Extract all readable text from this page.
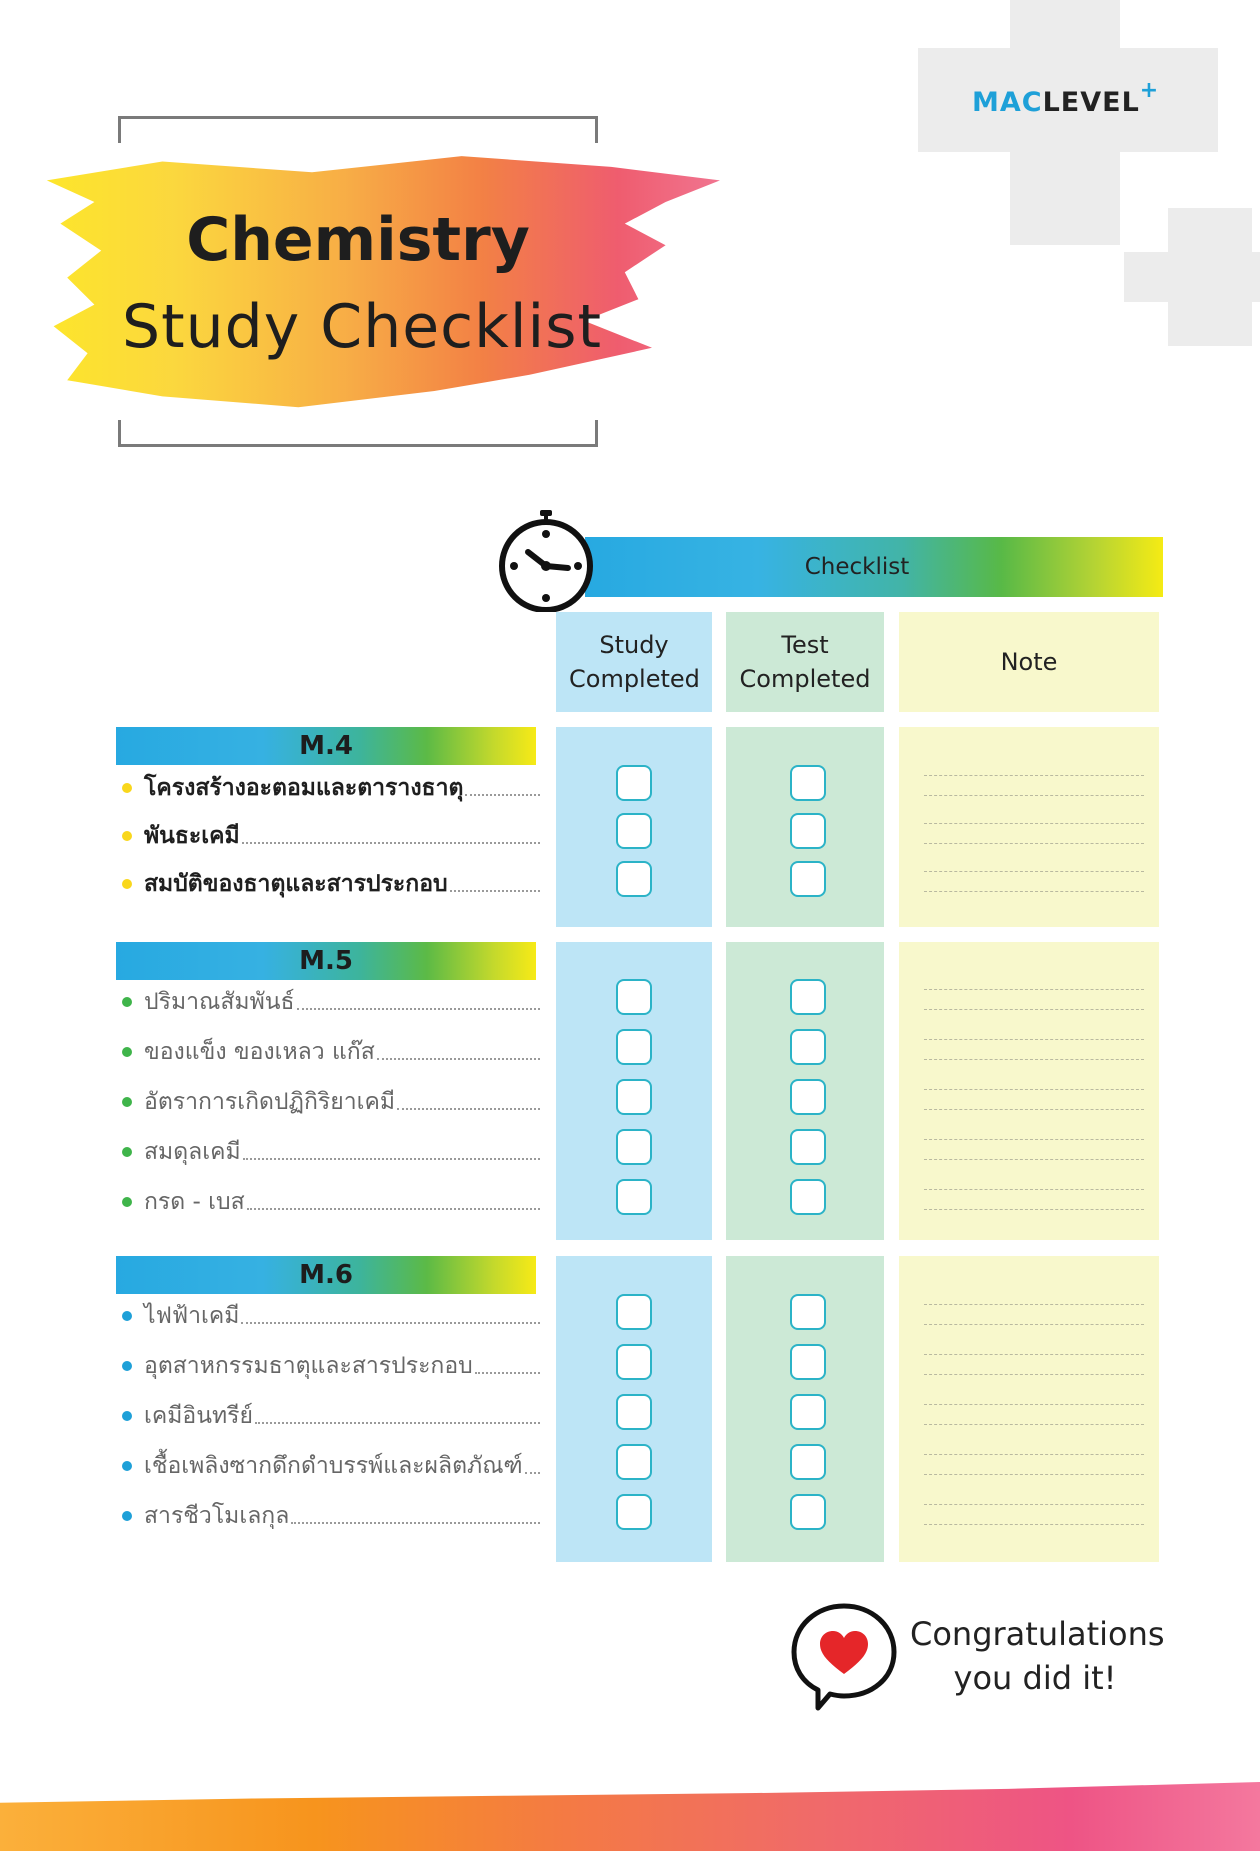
MACLEVEL+
Chemistry
Study Checklist
Checklist
Study Completed
Test Completed
Note
M.4
โครงสร้างอะตอมและตารางธาตุ
พันธะเคมี
สมบัติของธาตุและสารประกอบ
M.5
ปริมาณสัมพันธ์
ของแข็ง ของเหลว แก๊ส
อัตราการเกิดปฏิกิริยาเคมี
สมดุลเคมี
กรด - เบส
M.6
ไฟฟ้าเคมี
อุตสาหกรรมธาตุและสารประกอบ
เคมีอินทรีย์
เชื้อเพลิงซากดึกดำบรรพ์และผลิตภัณฑ์
สารชีวโมเลกุล
Congratulations
you did it!
